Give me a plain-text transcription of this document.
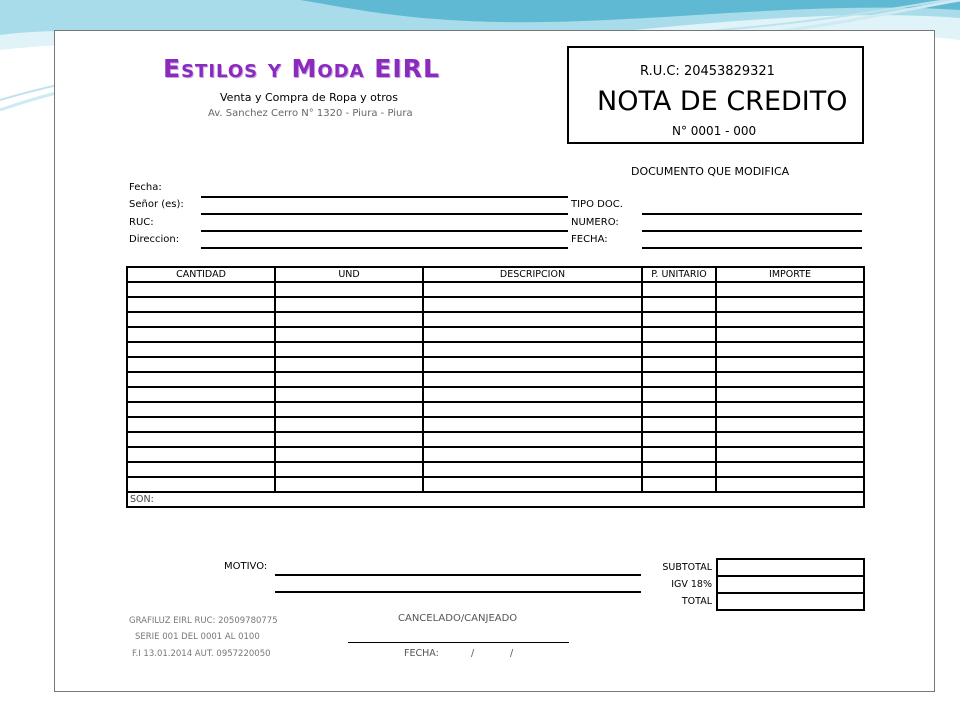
Estilos y Moda EIRL
Venta y Compra de Ropa y otros
Av. Sanchez Cerro N° 1320 - Piura - Piura
R.U.C: 20453829321
NOTA DE CREDITO
N° 0001 - 000
DOCUMENTO QUE MODIFICA
Fecha:
Señor (es):
RUC:
Direccion:
TIPO DOC.
NUMERO:
FECHA:
CANTIDAD	UND	DESCRIPCION	P. UNITARIO	IMPORTE

SON:				
MOTIVO:	SUBTOTAL	
IGV 18%	
TOTAL	
GRAFILUZ EIRL RUC: 20509780775
SERIE 001 DEL 0001 AL 0100
F.I 13.01.2014 AUT. 0957220050
CANCELADO/CANJEADO
FECHA:	/	/
